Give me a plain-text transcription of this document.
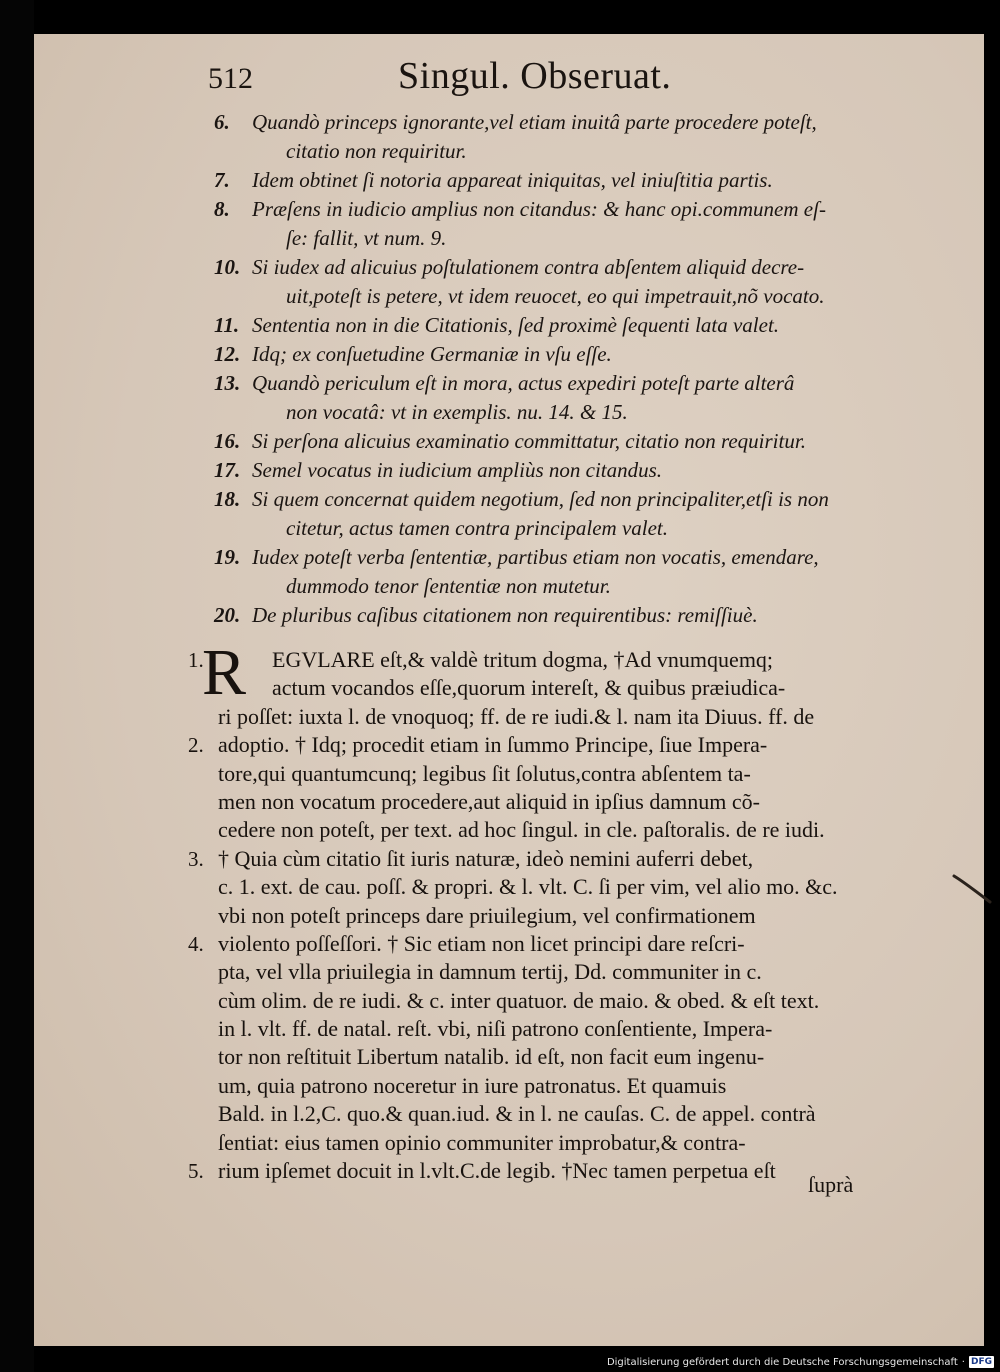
512	Singul. Obseruat.
6.	Quandò princeps ignorante,vel etiam inuitâ parte procedere poteſt,
citatio non requiritur.
7.	Idem obtinet ſi notoria appareat iniquitas, vel iniuſtitia partis.
8.	Præſens in iudicio amplius non citandus: & hanc opi.communem eſ-
ſe: fallit, vt num. 9.
10. Si iudex ad alicuius poſtulationem contra abſentem aliquid decre-
uit,poteſt is petere, vt idem reuocet, eo qui impetrauit,nõ vocato.
11. Sententia non in die Citationis, ſed proximè ſequenti lata valet.
12. Idq; ex conſuetudine Germaniæ in vſu eſſe.
13. Quandò periculum eſt in mora, actus expediri poteſt parte alterâ
non vocatâ: vt in exemplis. nu. 14. & 15.
16. Si perſona alicuius examinatio committatur, citatio non requiritur.
17. Semel vocatus in iudicium ampliùs non citandus.
18. Si quem concernat quidem negotium, ſed non principaliter,etſi is non
citetur, actus tamen contra principalem valet.
19. Iudex poteſt verba ſententiæ, partibus etiam non vocatis, emendare,
dummodo tenor ſententiæ non mutetur.
20. De pluribus caſibus citationem non requirentibus: remiſſiuè.
R
1.	EGVLARE eſt,& valdè tritum dogma, †Ad vnumquemq;
actum vocandos eſſe,quorum intereſt, & quibus præiudica-
ri poſſet: iuxta l. de vnoquoq; ff. de re iudi.& l. nam ita Diuus. ff. de
2. adoptio. † Idq; procedit etiam in ſummo Principe, ſiue Impera-
tore,qui quantumcunq; legibus ſit ſolutus,contra abſentem ta-
men non vocatum procedere,aut aliquid in ipſius damnum cõ-
cedere non poteſt, per text. ad hoc ſingul. in cle. paſtoralis. de re iudi.
3. † Quia cùm citatio ſit iuris naturæ, ideò nemini auferri debet,
c. 1. ext. de cau. poſſ. & propri. & l. vlt. C. ſi per vim, vel alio mo. &c.
vbi non poteſt princeps dare priuilegium, vel confirmationem
4. violento poſſeſſori. † Sic etiam non licet principi dare reſcri-
pta, vel vlla priuilegia in damnum tertij, Dd. communiter in c.
cùm olim. de re iudi. & c. inter quatuor. de maio. & obed. & eſt text.
in l. vlt. ff. de natal. reſt. vbi, niſi patrono conſentiente, Impera-
tor non reſtituit Libertum natalib. id eſt, non facit eum ingenu-
um, quia patrono noceretur in iure patronatus. Et quamuis
Bald. in l.2,C. quo.& quan.iud. & in l. ne cauſas. C. de appel. contrà
ſentiat: eius tamen opinio communiter improbatur,& contra-
5. rium ipſemet docuit in l.vlt.C.de legib. †Nec tamen perpetua eſt
ſuprà
Digitalisierung gefördert durch die Deutsche Forschungsgemeinschaft · DFG
